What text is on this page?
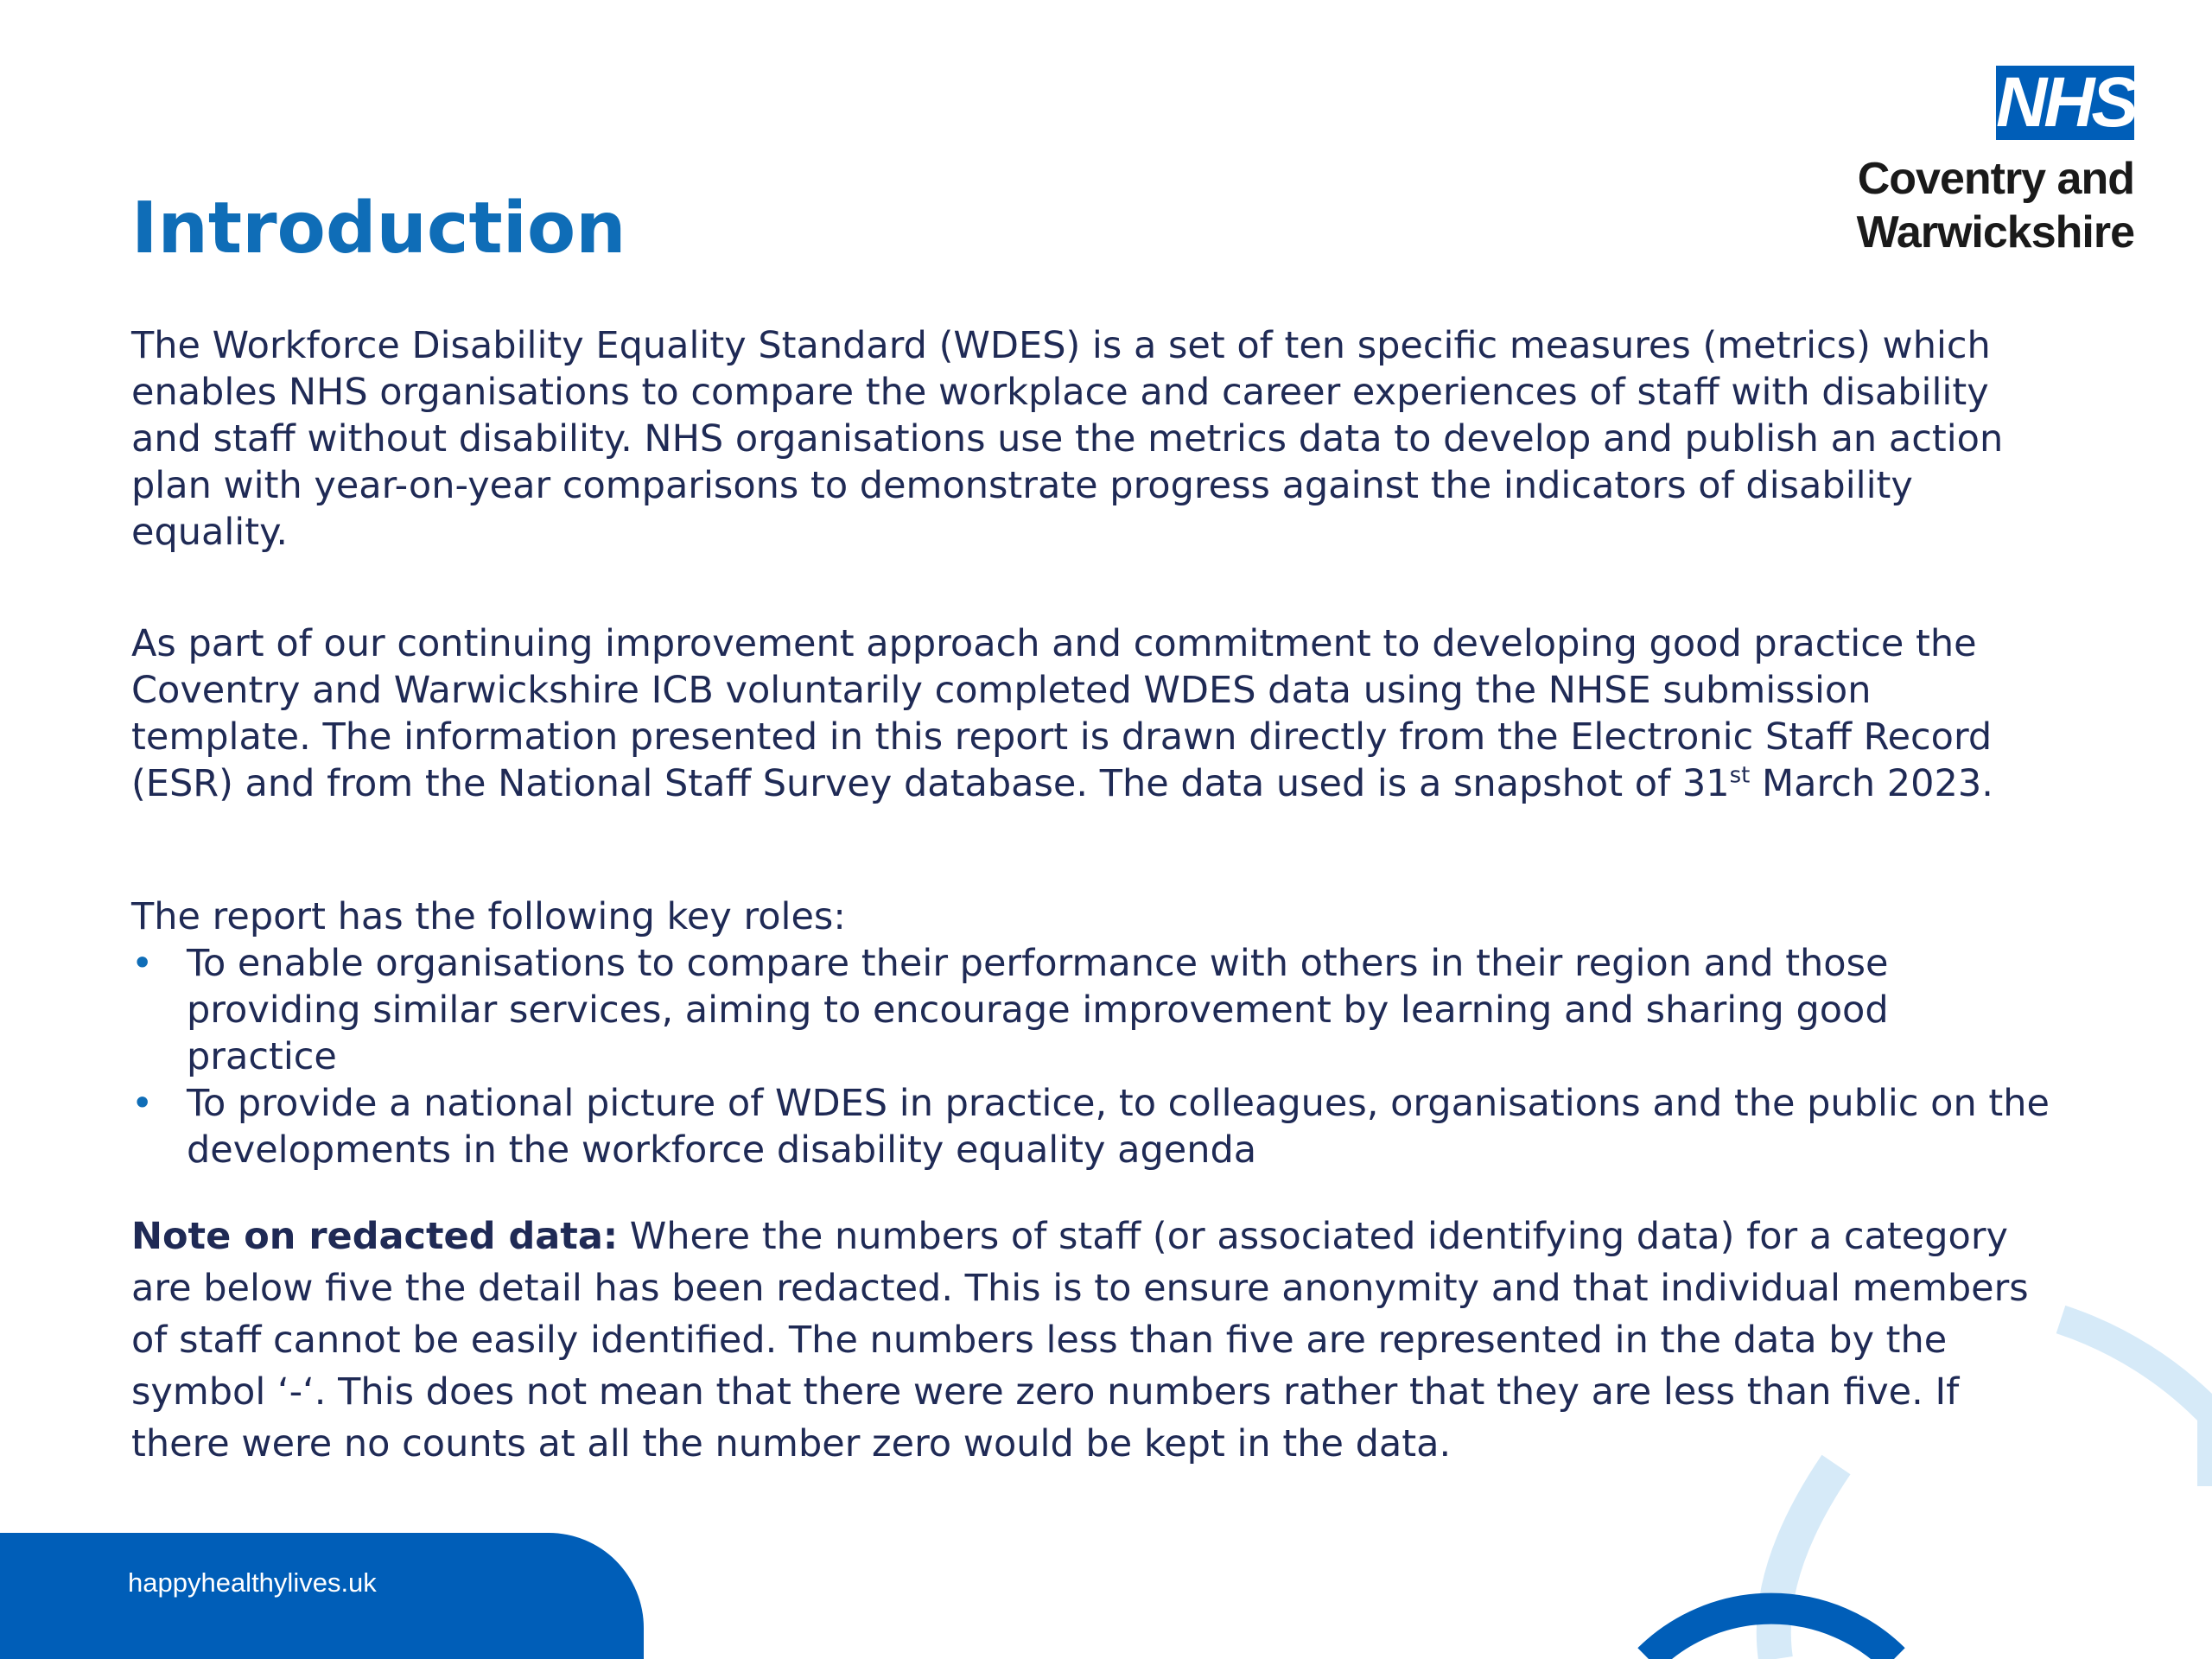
Introduction
NHS
Coventry and
Warwickshire

The Workforce Disability Equality Standard (WDES) is a set of ten specific measures (metrics) which enables NHS organisations to compare the workplace and career experiences of staff with disability and staff without disability. NHS organisations use the metrics data to develop and publish an action plan with year-on-year comparisons to demonstrate progress against the indicators of disability equality.

As part of our continuing improvement approach and commitment to developing good practice the Coventry and Warwickshire ICB voluntarily completed WDES data using the NHSE submission template. The information presented in this report is drawn directly from the Electronic Staff Record (ESR) and from the National Staff Survey database. The data used is a snapshot of 31st March 2023.

The report has the following key roles:

• To enable organisations to compare their performance with others in their region and those providing similar services, aiming to encourage improvement by learning and sharing good practice
• To provide a national picture of WDES in practice, to colleagues, organisations and the public on the developments in the workforce disability equality agenda

Note on redacted data: Where the numbers of staff (or associated identifying data) for a category are below five the detail has been redacted. This is to ensure anonymity and that individual members of staff cannot be easily identified. The numbers less than five are represented in the data by the symbol ‘-‘. This does not mean that there were zero numbers rather that they are less than five. If there were no counts at all the number zero would be kept in the data.

happyhealthylives.uk
